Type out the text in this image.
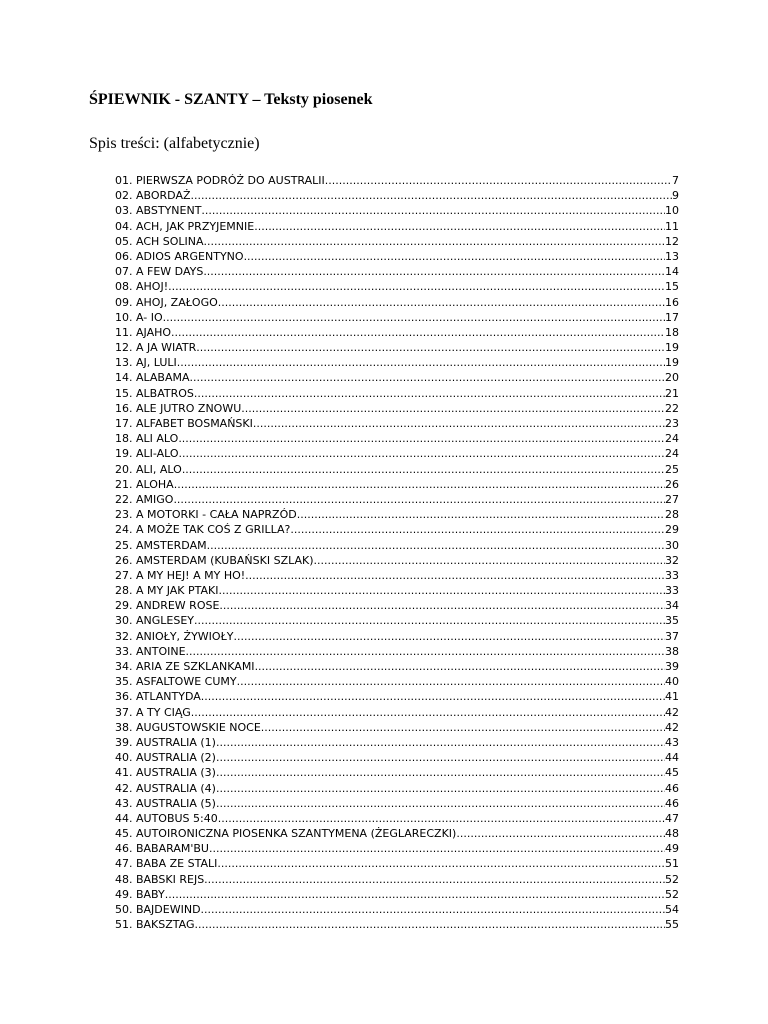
ŚPIEWNIK - SZANTY – Teksty piosenek
Spis treści: (alfabetycznie)
01. PIERWSZA PODRÓŻ DO AUSTRALII .....	7
02. ABORDAŻ .....	9
03. ABSTYNENT .....	10
04. ACH, JAK PRZYJEMNIE .....	11
05. ACH SOLINA .....	12
06. ADIOS ARGENTYNO .....	13
07. A FEW DAYS .....	14
08. AHOJ! .....	15
09. AHOJ, ZAŁOGO .....	16
10. A- IO .....	17
11. AJAHO .....	18
12. A JA WIATR .....	19
13. AJ, LULI .....	19
14. ALABAMA .....	20
15. ALBATROS .....	21
16. ALE JUTRO ZNOWU .....	22
17. ALFABET BOSMAŃSKI .....	23
18. ALI ALO .....	24
19. ALI-ALO .....	24
20. ALI, ALO .....	25
21. ALOHA .....	26
22. AMIGO .....	27
23. A MOTORKI - CAŁA NAPRZÓD .....	28
24. A MOŻE TAK COŚ Z GRILLA? .....	29
25. AMSTERDAM .....	30
26. AMSTERDAM (KUBAŃSKI SZLAK) .....	32
27. A MY HEJ! A MY HO! .....	33
28. A MY JAK PTAKI .....	33
29. ANDREW ROSE .....	34
30. ANGLESEY .....	35
32. ANIOŁY, ŻYWIOŁY .....	37
33. ANTOINE .....	38
34. ARIA ZE SZKLANKAMI .....	39
35. ASFALTOWE CUMY .....	40
36. ATLANTYDA .....	41
37. A TY CIĄG .....	42
38. AUGUSTOWSKIE NOCE .....	42
39. AUSTRALIA (1) .....	43
40. AUSTRALIA (2) .....	44
41. AUSTRALIA (3) .....	45
42. AUSTRALIA (4) .....	46
43. AUSTRALIA (5) .....	46
44. AUTOBUS 5:40 .....	47
45. AUTOIRONICZNA PIOSENKA SZANTYMENA (ŻEGLARECZKI) .....	48
46. BABARAM'BU .....	49
47. BABA ZE STALI .....	51
48. BABSKI REJS .....	52
49. BABY .....	52
50. BAJDEWIND .....	54
51. BAKSZTAG .....	55
